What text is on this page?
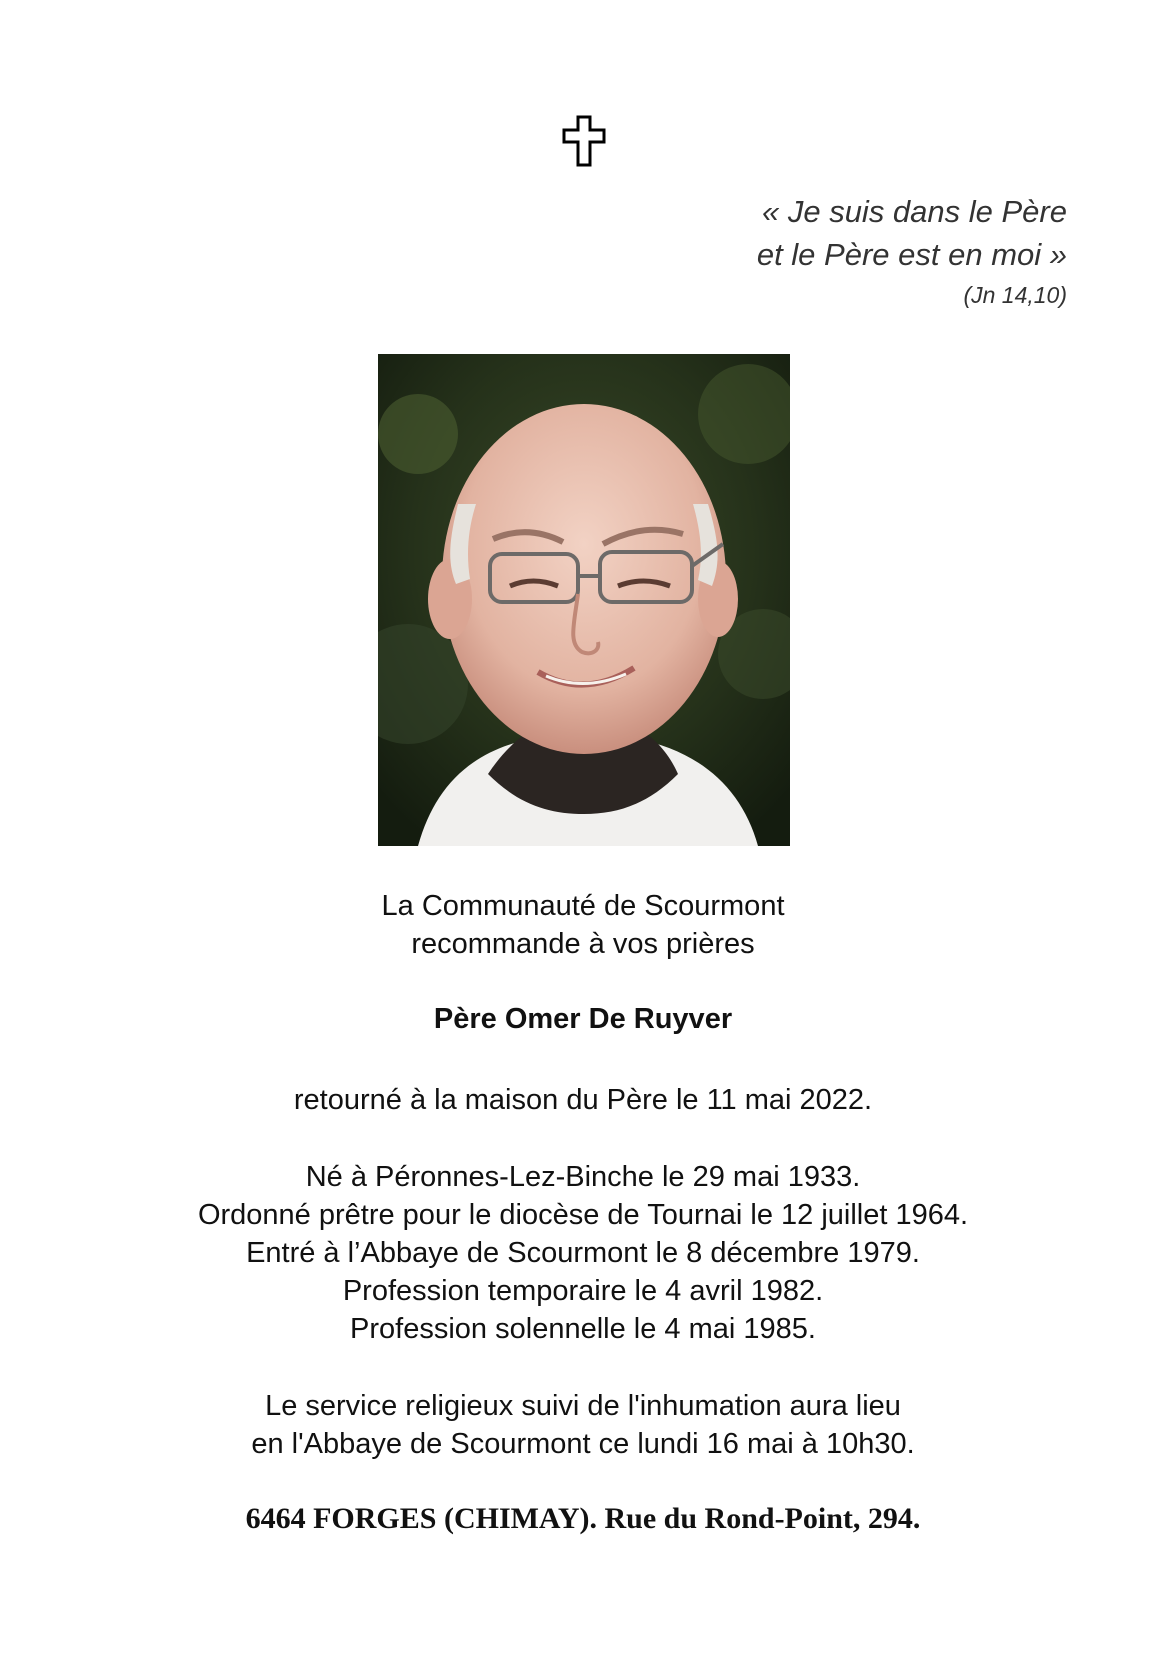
« Je suis dans le Père
et le Père est en moi »
(Jn 14,10)

La Communauté de Scourmont

recommande à vos prières

Père Omer De Ruyver

retourné à la maison du Père le 11 mai 2022.

Né à Péronnes-Lez-Binche le 29 mai 1933.

Ordonné prêtre pour le diocèse de Tournai le 12 juillet 1964.

Entré à l’Abbaye de Scourmont le 8 décembre 1979.

Profession temporaire le 4 avril 1982.

Profession solennelle le 4 mai 1985.

Le service religieux suivi de l'inhumation aura lieu

en l'Abbaye de Scourmont ce lundi 16 mai à 10h30.

6464 FORGES (CHIMAY). Rue du Rond-Point, 294.
